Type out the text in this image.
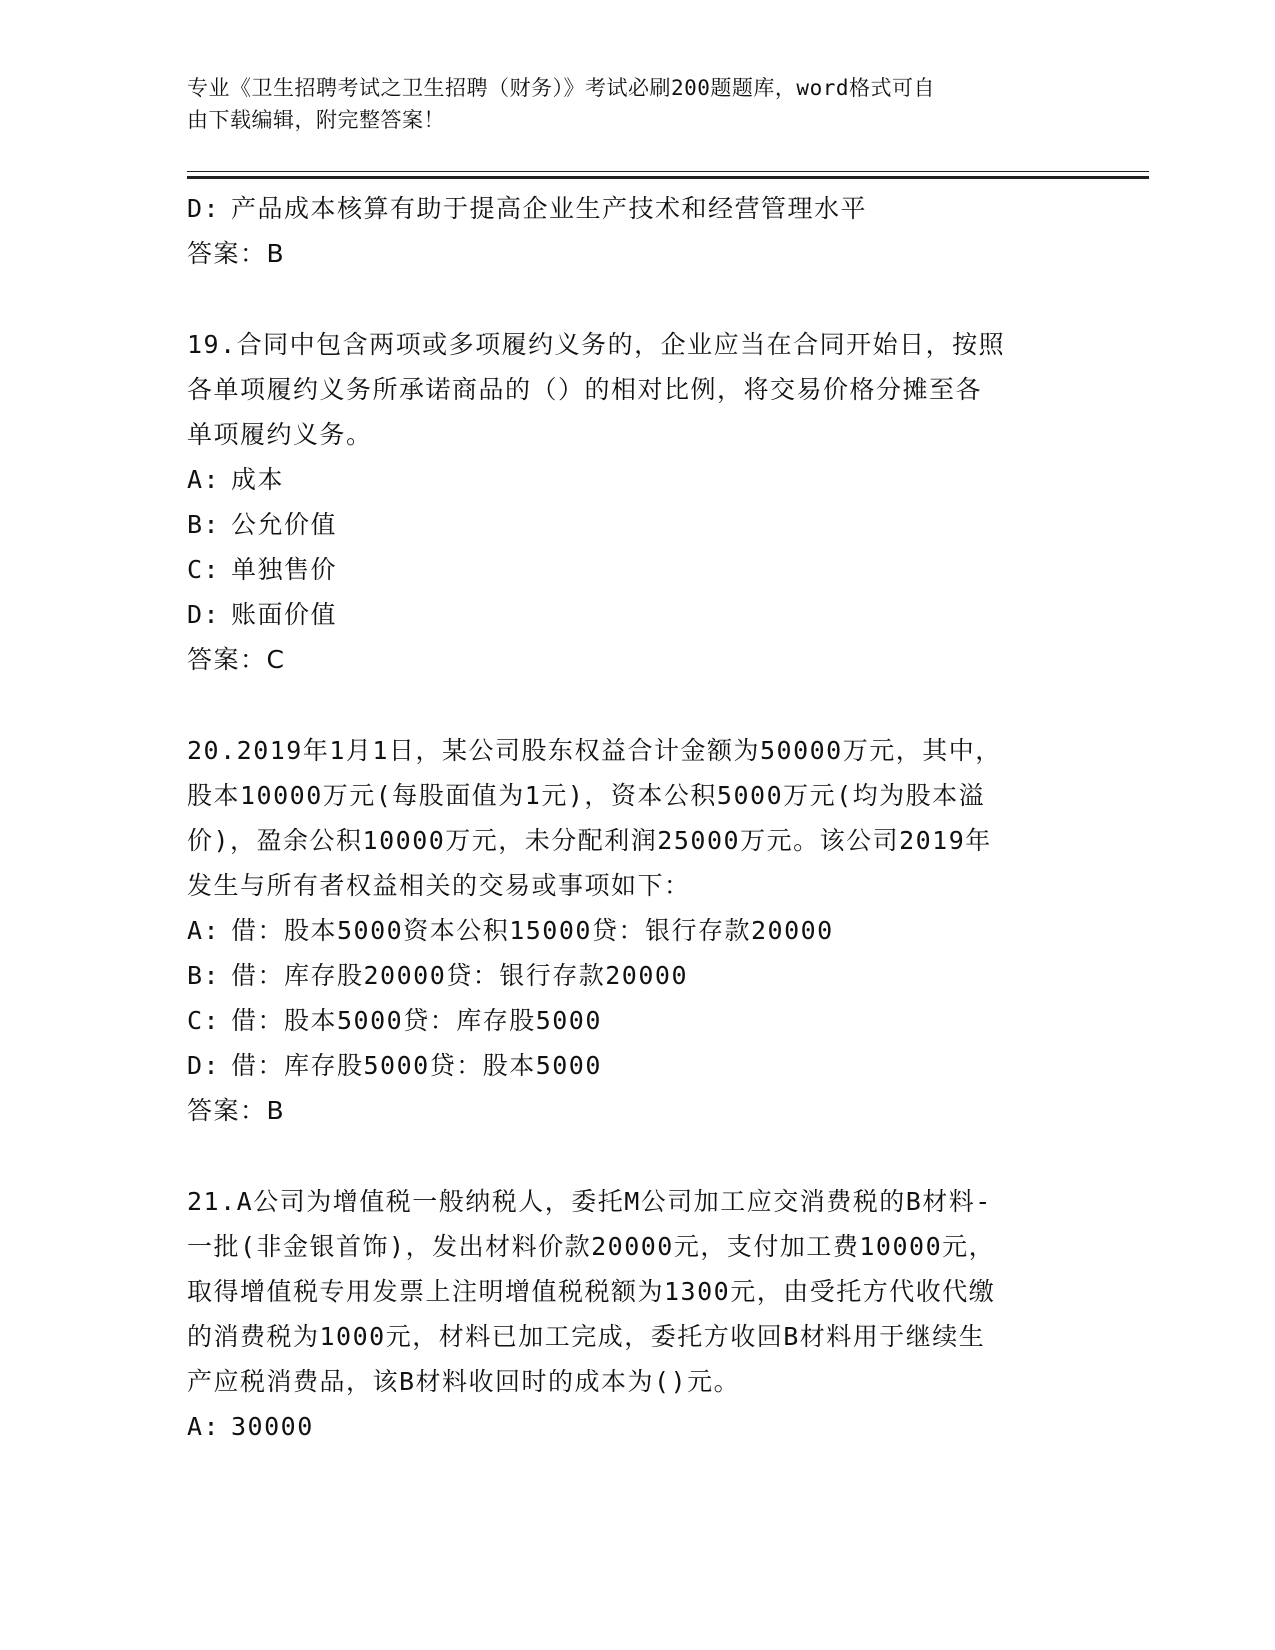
专业《卫生招聘考试之卫生招聘（财务）》考试必刷200题题库，word格式可自
由下载编辑，附完整答案！
D: 产品成本核算有助于提高企业生产技术和经营管理水平
答案：B
19.合同中包含两项或多项履约义务的，企业应当在合同开始日，按照
各单项履约义务所承诺商品的（）的相对比例，将交易价格分摊至各
单项履约义务。
A: 成本
B: 公允价值
C: 单独售价
D: 账面价值
答案：C
20.2019年1月1日，某公司股东权益合计金额为50000万元，其中，
股本10000万元(每股面值为1元)，资本公积5000万元(均为股本溢
价)，盈余公积10000万元，未分配利润25000万元。该公司2019年
发生与所有者权益相关的交易或事项如下：
A: 借：股本5000资本公积15000贷：银行存款20000
B: 借：库存股20000贷：银行存款20000
C: 借：股本5000贷：库存股5000
D: 借：库存股5000贷：股本5000
答案：B
21.A公司为增值税一般纳税人，委托M公司加工应交消费税的B材料-
一批(非金银首饰)，发出材料价款20000元，支付加工费10000元，
取得增值税专用发票上注明增值税税额为1300元，由受托方代收代缴
的消费税为1000元，材料已加工完成，委托方收回B材料用于继续生
产应税消费品，该B材料收回时的成本为()元。
A: 30000
